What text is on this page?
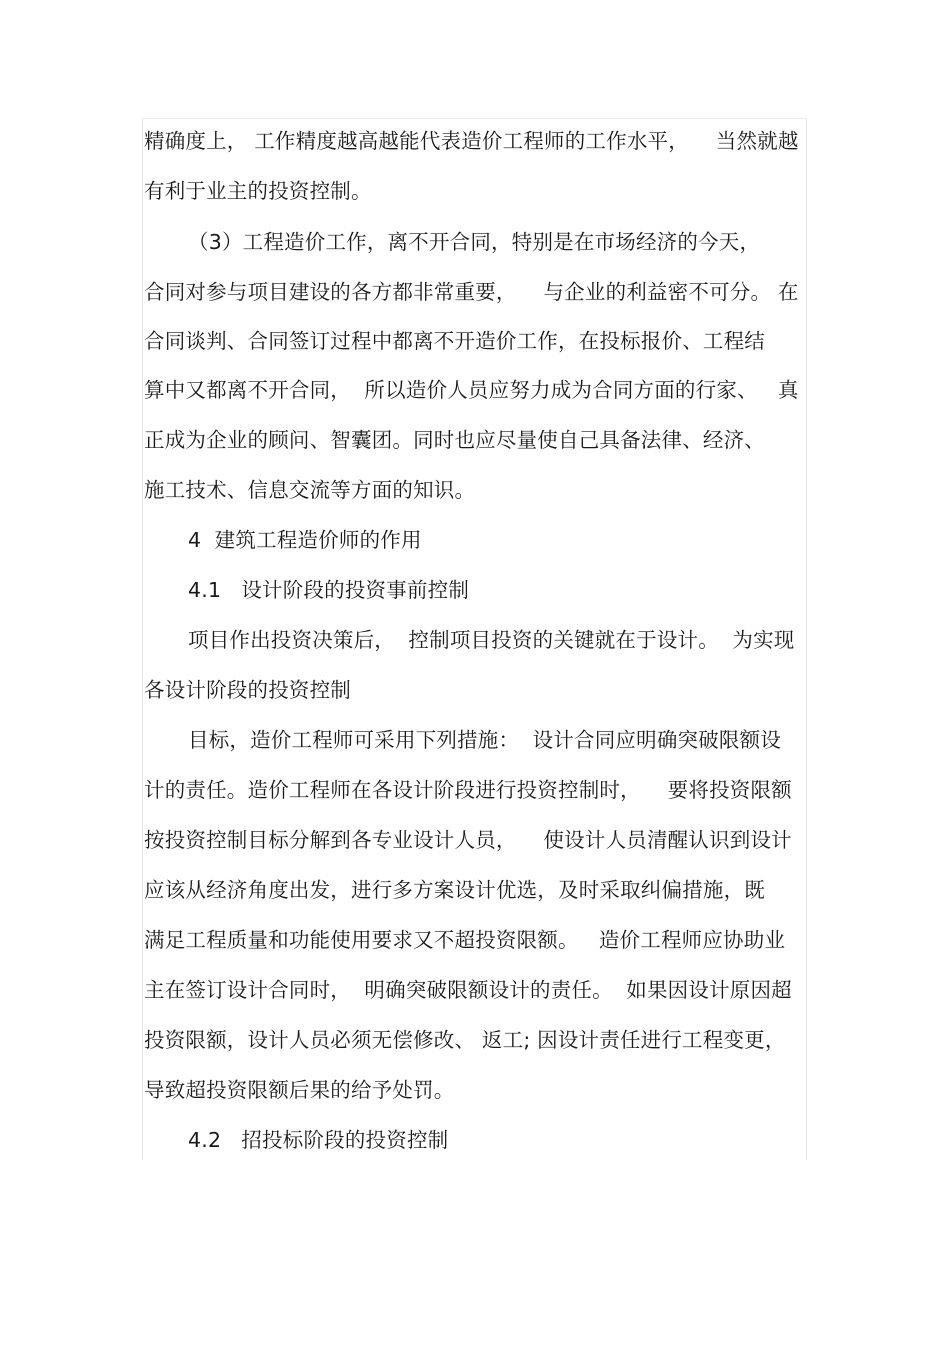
精确度上， 工作精度越高越能代表造价工程师的工作水平，    当然就越
有利于业主的投资控制。
（3）工程造价工作，离不开合同，特别是在市场经济的今天，
合同对参与项目建设的各方都非常重要，    与企业的利益密不可分。 在
合同谈判、合同签订过程中都离不开造价工作，在投标报价、工程结
算中又都离不开合同，  所以造价人员应努力成为合同方面的行家、   真
正成为企业的顾问、智囊团。同时也应尽量使自己具备法律、经济、
施工技术、信息交流等方面的知识。
4  建筑工程造价师的作用
4.1   设计阶段的投资事前控制
项目作出投资决策后，  控制项目投资的关键就在于设计。  为实现
各设计阶段的投资控制
目标，造价工程师可采用下列措施：  设计合同应明确突破限额设
计的责任。造价工程师在各设计阶段进行投资控制时，    要将投资限额
按投资控制目标分解到各专业设计人员，    使设计人员清醒认识到设计
应该从经济角度出发，进行多方案设计优选，及时采取纠偏措施，既
满足工程质量和功能使用要求又不超投资限额。   造价工程师应协助业
主在签订设计合同时，  明确突破限额设计的责任。  如果因设计原因超
投资限额，设计人员必须无偿修改、 返工; 因设计责任进行工程变更，
导致超投资限额后果的给予处罚。
4.2   招投标阶段的投资控制
